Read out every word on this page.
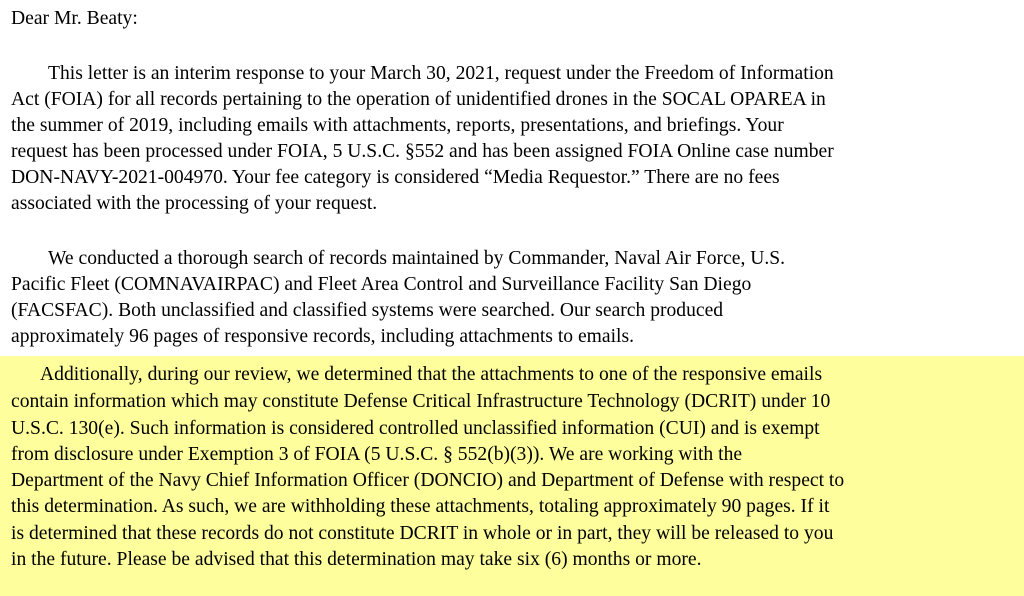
Dear Mr. Beaty:
This letter is an interim response to your March 30, 2021, request under the Freedom of Information
Act (FOIA) for all records pertaining to the operation of unidentified drones in the SOCAL OPAREA in
the summer of 2019, including emails with attachments, reports, presentations, and briefings. Your
request has been processed under FOIA, 5 U.S.C. §552 and has been assigned FOIA Online case number
DON-NAVY-2021-004970. Your fee category is considered “Media Requestor.” There are no fees
associated with the processing of your request.
We conducted a thorough search of records maintained by Commander, Naval Air Force, U.S.
Pacific Fleet (COMNAVAIRPAC) and Fleet Area Control and Surveillance Facility San Diego
(FACSFAC). Both unclassified and classified systems were searched. Our search produced
approximately 96 pages of responsive records, including attachments to emails.
Additionally, during our review, we determined that the attachments to one of the responsive emails
contain information which may constitute Defense Critical Infrastructure Technology (DCRIT) under 10
U.S.C. 130(e). Such information is considered controlled unclassified information (CUI) and is exempt
from disclosure under Exemption 3 of FOIA (5 U.S.C. § 552(b)(3)). We are working with the
Department of the Navy Chief Information Officer (DONCIO) and Department of Defense with respect to
this determination. As such, we are withholding these attachments, totaling approximately 90 pages. If it
is determined that these records do not constitute DCRIT in whole or in part, they will be released to you
in the future. Please be advised that this determination may take six (6) months or more.
